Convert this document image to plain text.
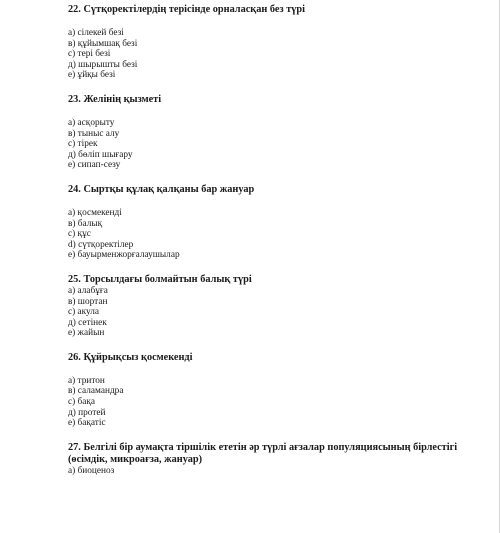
22. Сүтқоректілердің терісінде орналасқан без түрі

а) сілекей безі
в) құйымшақ безі
с) тері безі
д) шырышты безі
е) ұйқы безі

23. Желінің қызметі

а) асқорыту
в) тыныс алу
с) тірек
д) бөліп шығару
е) сипап-сезу

24. Сыртқы құлақ қалқаны бар жануар

а) қосмекенді
в) балық
с) құс
d) сүтқоректілер
е) бауырменжорғалаушылар

25. Торсылдағы болмайтын балық түрі

а) алабұға
в) шортан
с) акула
д) сетінек
е) жайын

26. Құйрықсыз қосмекенді

а) тритон
в) саламандра
с) бақа
д) протей
е) бақатіс

27. Белгілі бір аумақта тіршілік ететін әр түрлі ағзалар популяциясының бірлестігі (өсімдік, микроағза, жануар)

а) биоценоз
